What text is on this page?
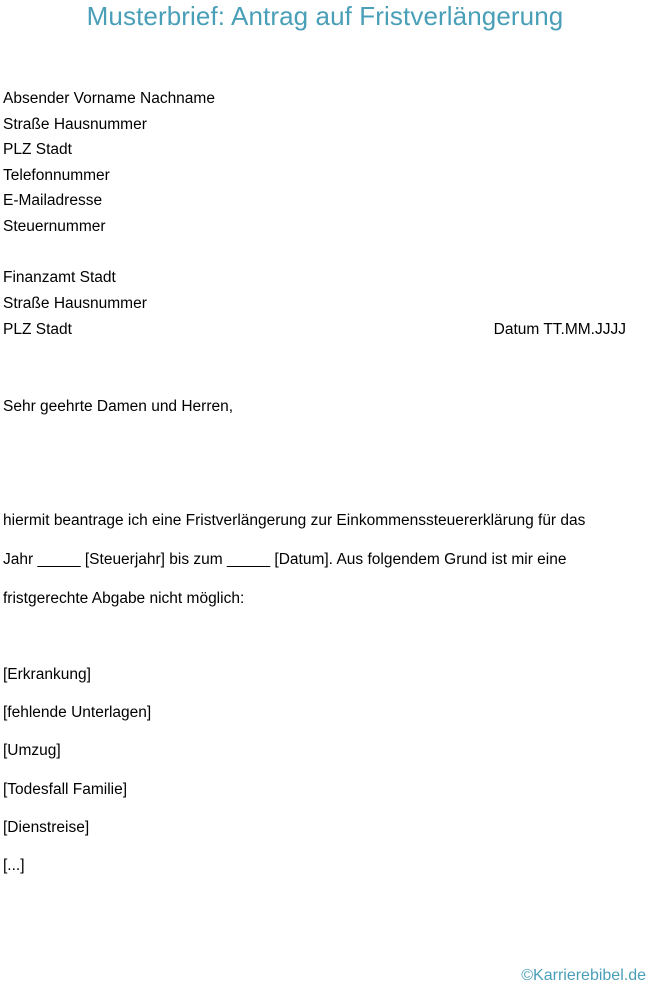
Musterbrief: Antrag auf Fristverlängerung
Absender Vorname Nachname
Straße Hausnummer
PLZ Stadt
Telefonnummer
E-Mailadresse
Steuernummer
Finanzamt Stadt
Straße Hausnummer
PLZ Stadt	Datum TT.MM.JJJJ
Sehr geehrte Damen und Herren,
hiermit beantrage ich eine Fristverlängerung zur Einkommenssteuererklärung für das
Jahr _____ [Steuerjahr] bis zum _____ [Datum]. Aus folgendem Grund ist mir eine
fristgerechte Abgabe nicht möglich:
[Erkrankung]
[fehlende Unterlagen]
[Umzug]
[Todesfall Familie]
[Dienstreise]
[...]
©Karrierebibel.de
